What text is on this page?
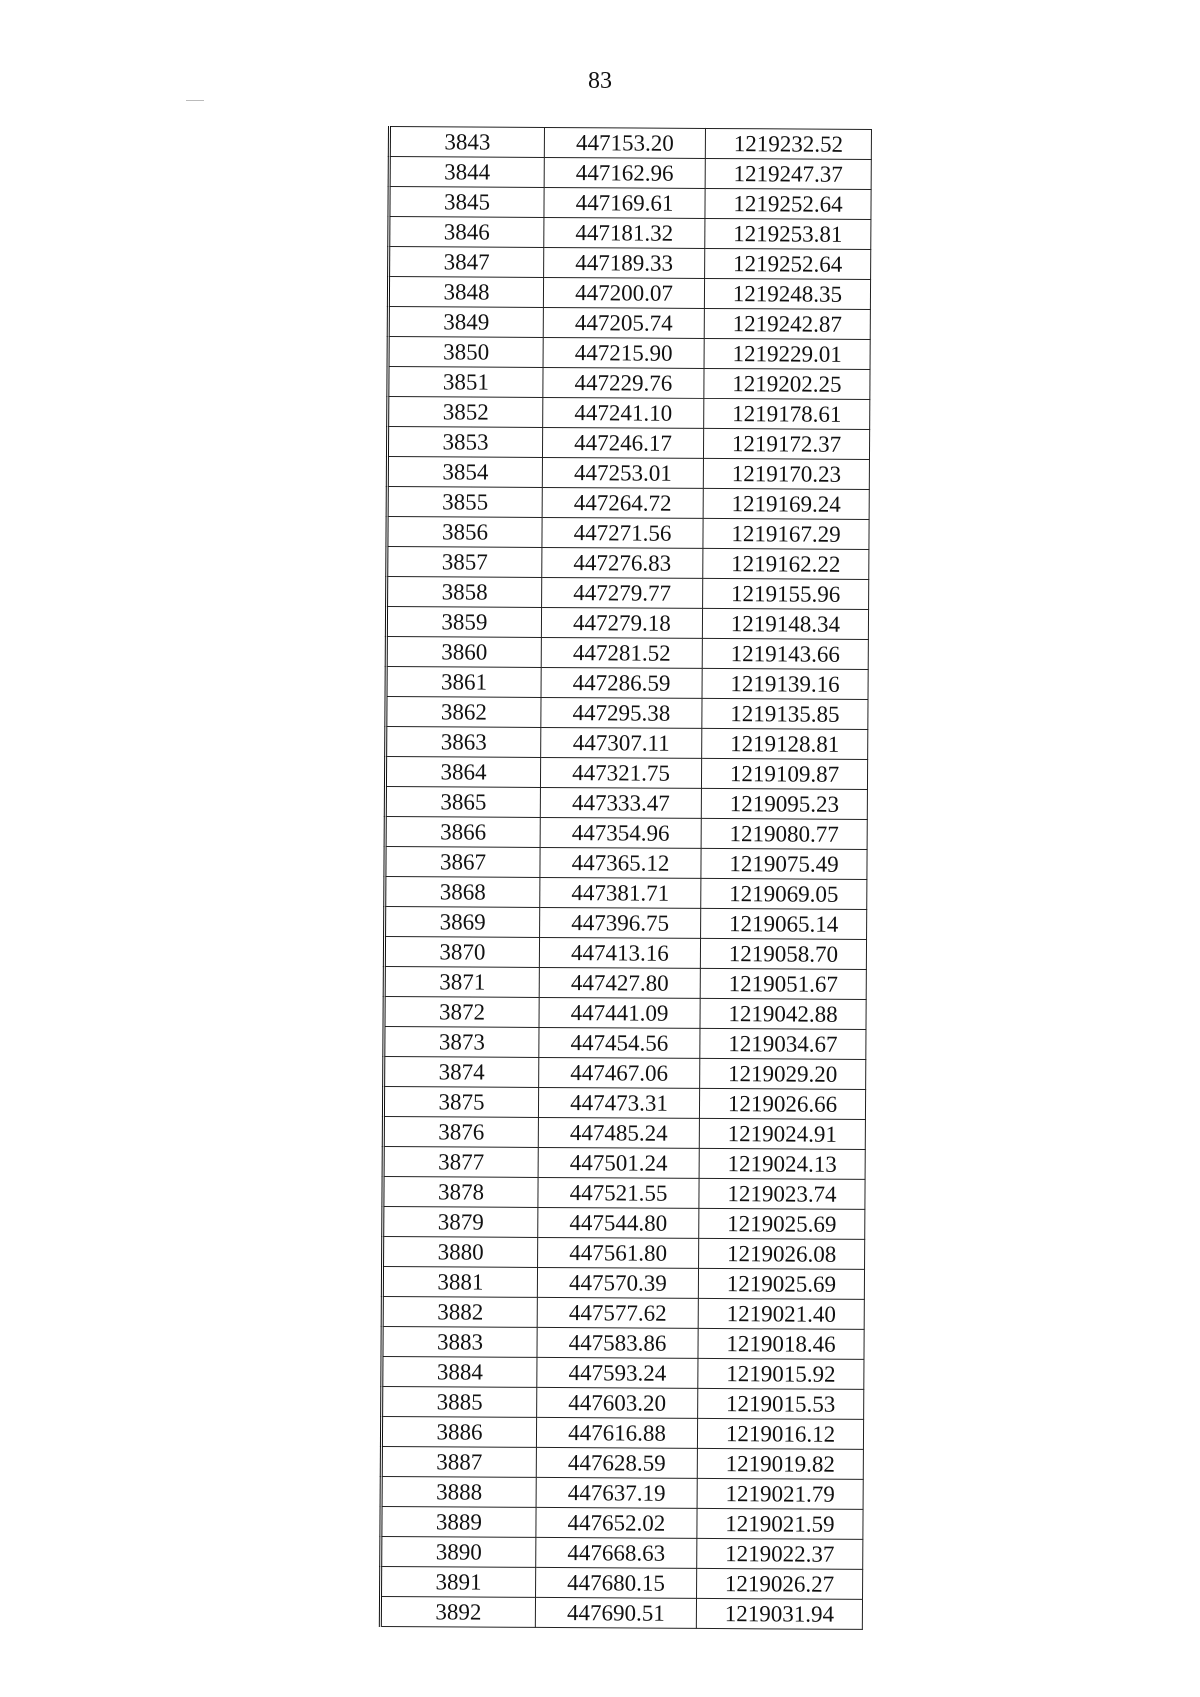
83
3843	447153.20	1219232.52
3844	447162.96	1219247.37
3845	447169.61	1219252.64
3846	447181.32	1219253.81
3847	447189.33	1219252.64
3848	447200.07	1219248.35
3849	447205.74	1219242.87
3850	447215.90	1219229.01
3851	447229.76	1219202.25
3852	447241.10	1219178.61
3853	447246.17	1219172.37
3854	447253.01	1219170.23
3855	447264.72	1219169.24
3856	447271.56	1219167.29
3857	447276.83	1219162.22
3858	447279.77	1219155.96
3859	447279.18	1219148.34
3860	447281.52	1219143.66
3861	447286.59	1219139.16
3862	447295.38	1219135.85
3863	447307.11	1219128.81
3864	447321.75	1219109.87
3865	447333.47	1219095.23
3866	447354.96	1219080.77
3867	447365.12	1219075.49
3868	447381.71	1219069.05
3869	447396.75	1219065.14
3870	447413.16	1219058.70
3871	447427.80	1219051.67
3872	447441.09	1219042.88
3873	447454.56	1219034.67
3874	447467.06	1219029.20
3875	447473.31	1219026.66
3876	447485.24	1219024.91
3877	447501.24	1219024.13
3878	447521.55	1219023.74
3879	447544.80	1219025.69
3880	447561.80	1219026.08
3881	447570.39	1219025.69
3882	447577.62	1219021.40
3883	447583.86	1219018.46
3884	447593.24	1219015.92
3885	447603.20	1219015.53
3886	447616.88	1219016.12
3887	447628.59	1219019.82
3888	447637.19	1219021.79
3889	447652.02	1219021.59
3890	447668.63	1219022.37
3891	447680.15	1219026.27
3892	447690.51	1219031.94
